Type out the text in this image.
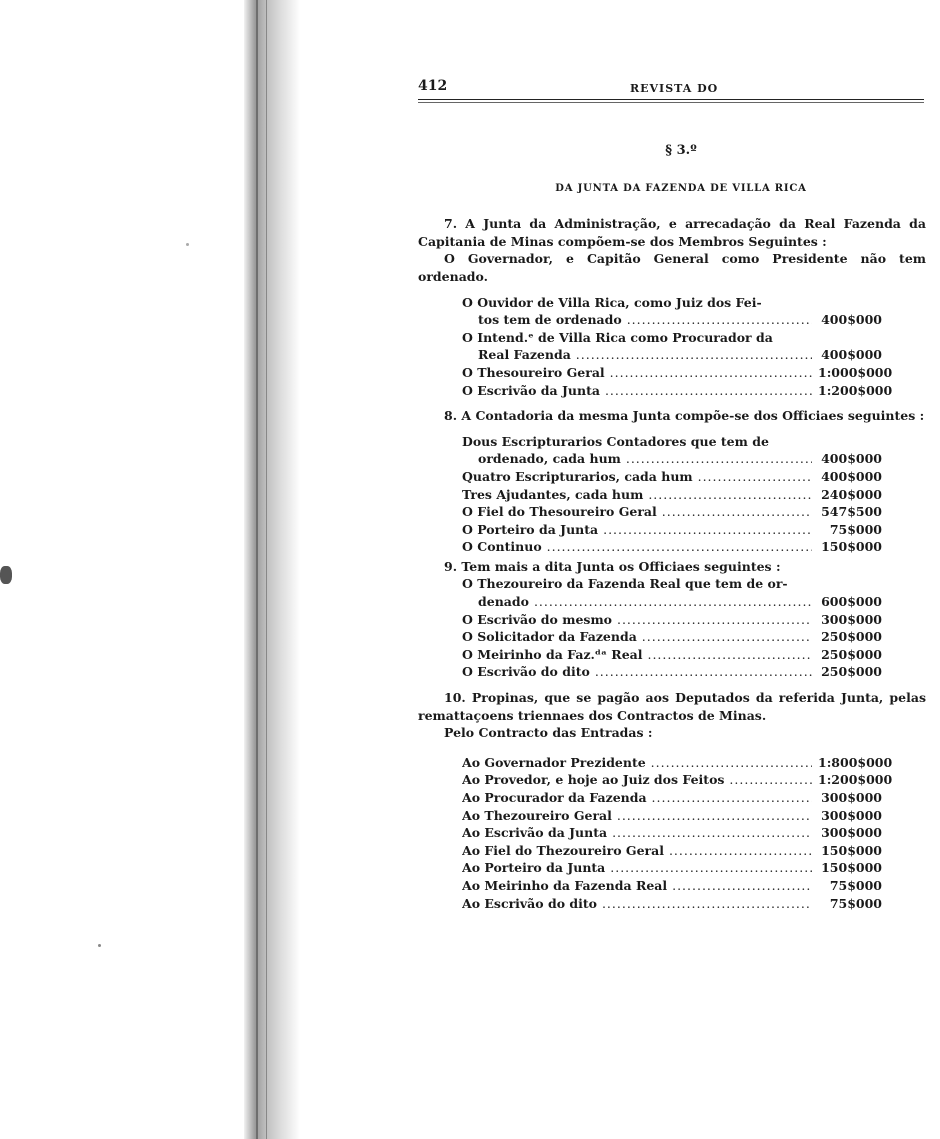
412	REVISTA DO
§ 3.º
DA JUNTA DA FAZENDA DE VILLA RICA

7. A Junta da Administração, e arrecadação da Real Fazenda da Capitania de Minas compõem-se dos Membros Seguintes :

O Governador, e Capitão General como Presidente não tem ordenado.

O Ouvidor de Villa Rica, como Juiz dos Fei-
tos tem de ordenado .....	400$000
O Intend.ᵉ de Villa Rica como Procurador da
Real Fazenda .....	400$000
O Thesoureiro Geral .....	1:000$000
O Escrivão da Junta .....	1:200$000

8. A Contadoria da mesma Junta compõe-se dos Officiaes seguintes :

Dous Escripturarios Contadores que tem de
ordenado, cada hum .....	400$000
Quatro Escripturarios, cada hum .....	400$000
Tres Ajudantes, cada hum .....	240$000
O Fiel do Thesoureiro Geral .....	547$500
O Porteiro da Junta .....	75$000
O Continuo .....	150$000

9. Tem mais a dita Junta os Officiaes seguintes :

O Thezoureiro da Fazenda Real que tem de or-
denado .....	600$000
O Escrivão do mesmo .....	300$000
O Solicitador da Fazenda .....	250$000
O Meirinho da Faz.ᵈᵃ Real .....	250$000
O Escrivão do dito .....	250$000

10. Propinas, que se pagão aos Deputados da referida Junta, pelas remattaçoens triennaes dos Contractos de Minas.

Pelo Contracto das Entradas :

Ao Governador Prezidente .....	1:800$000
Ao Provedor, e hoje ao Juiz dos Feitos .....	1:200$000
Ao Procurador da Fazenda .....	300$000
Ao Thezoureiro Geral .....	300$000
Ao Escrivão da Junta .....	300$000
Ao Fiel do Thezoureiro Geral .....	150$000
Ao Porteiro da Junta .....	150$000
Ao Meirinho da Fazenda Real .....	75$000
Ao Escrivão do dito .....	75$000
